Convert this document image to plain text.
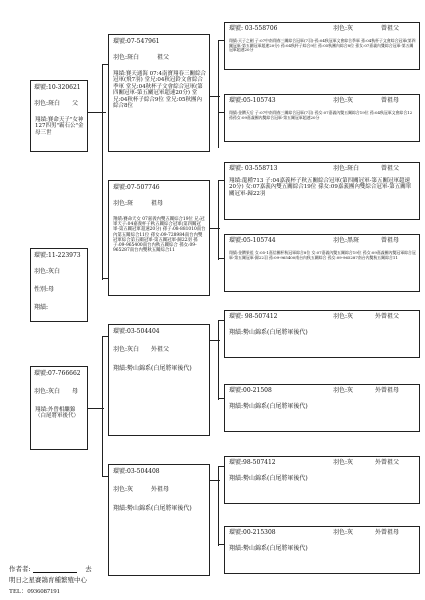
環號:10-320621
羽色:斑白　　父
翔績:賽命天子"女神127四男"霸石公"金母三世
環號:11-223973
羽色:灰白
性別:母
翔績:
環號:07-766662
羽色:灰白　　母
翔績:外曾相繼錦（白尾將軍後代）
環號:07-547961
羽色:斑白　　　祖父
翔績:賽天通海 07:4南寶翔春三關綜合冠軍(飛7羽) 堂兄:04秋冠鈴文會綜合季軍 堂兄:04秋杯子文會綜合冠軍(第四關冠軍-第五關冠軍超速20分) 堂兄:04秋杯子綜合9位 堂兄:05秋團內綜合8位
環號:07-507746
羽色:斑　　　祖母
翔績:賽命天女 07嘉義內雙五關綜合19位 兄:冠軍天子:04嘉義杯子秋五關綜合冠軍(第四關冠軍-第五關冠軍超速20分) 孫子:08-881010南台內第五關綜合11位 孫女:09-728984南台內雙冠軍綜合第五關冠軍-第五關冠軍-歸22羽 孫子:09-965400南台內秋五關綜合 孫女:09-965287南台內雙秋五關綜合11
環號:03-504404
羽色:灰白　　外祖父
翔績:勢山錦系(白尾將軍後代)
環號:03-504408
羽色:灰　　　外祖母
翔績:勢山錦系(白尾將軍後代)
環號: 03-558706	羽色:灰	曾祖父
翔績:天子之劍 子:07中南翔春三關綜合冠軍(7羽)-孫:04秋冠軍文會綜合季軍 孫:04秋杯子文會綜合冠軍(第四關冠軍-第五關冠軍超速20分) 孫:04秋杯子綜合9位 孫:05秋團內綜合8位 孫女:07嘉義內雙綜合冠軍-第五關冠軍超速20分
環號:05-105743	羽色:灰	曾祖母
翔績:金鑽天后 子:07中南翔春三關綜合冠軍(7羽) 孫女:07嘉義內雙五關綜合19位 孫:04秋冠軍文會綜合12 孫孫女:09嘉義團內雙綜合冠軍-第五關冠軍超速20分
環號: 03-558713	羽色:斑白	曾祖父
翔績:龍種713 子:04嘉義杯子秋五關綜合冠軍(第四關冠軍-第五關冠軍超速20分) 女:07嘉義內雙五關綜合19位 孫女:09嘉義團內雙綜合冠軍-第五關單關冠軍-歸22羽
環號:05-105744	羽色:黑斑	曾祖母
翔績:金鑽果祖 女:05-1嘉信團杯秋冠軍綜合8位 女:07嘉義內雙五關綜合19位 孫女:09嘉義團內雙冠軍綜合冠軍-第五關冠軍-歸22羽 孫:09-965400南台內秋五關綜合 孫女:09-965287南台內雙秋五關綜合11
環號: 98-507412	羽色:灰	外曾祖父
翔績:勢山錦系(白尾將軍後代)
環號:00-21508	羽色:灰	外曾祖母
翔績:勢山錦系(白尾將軍後代)
環號:98-507412	羽色:灰	外曾祖父
翔績:勢山錦系(白尾將軍後代)
環號:00-215308	羽色:灰	外曾祖母
翔績:勢山錦系(白尾將軍後代)
作者者:	　去
明日之星賽鴿育種繁殖中心
TEL：0936087191
